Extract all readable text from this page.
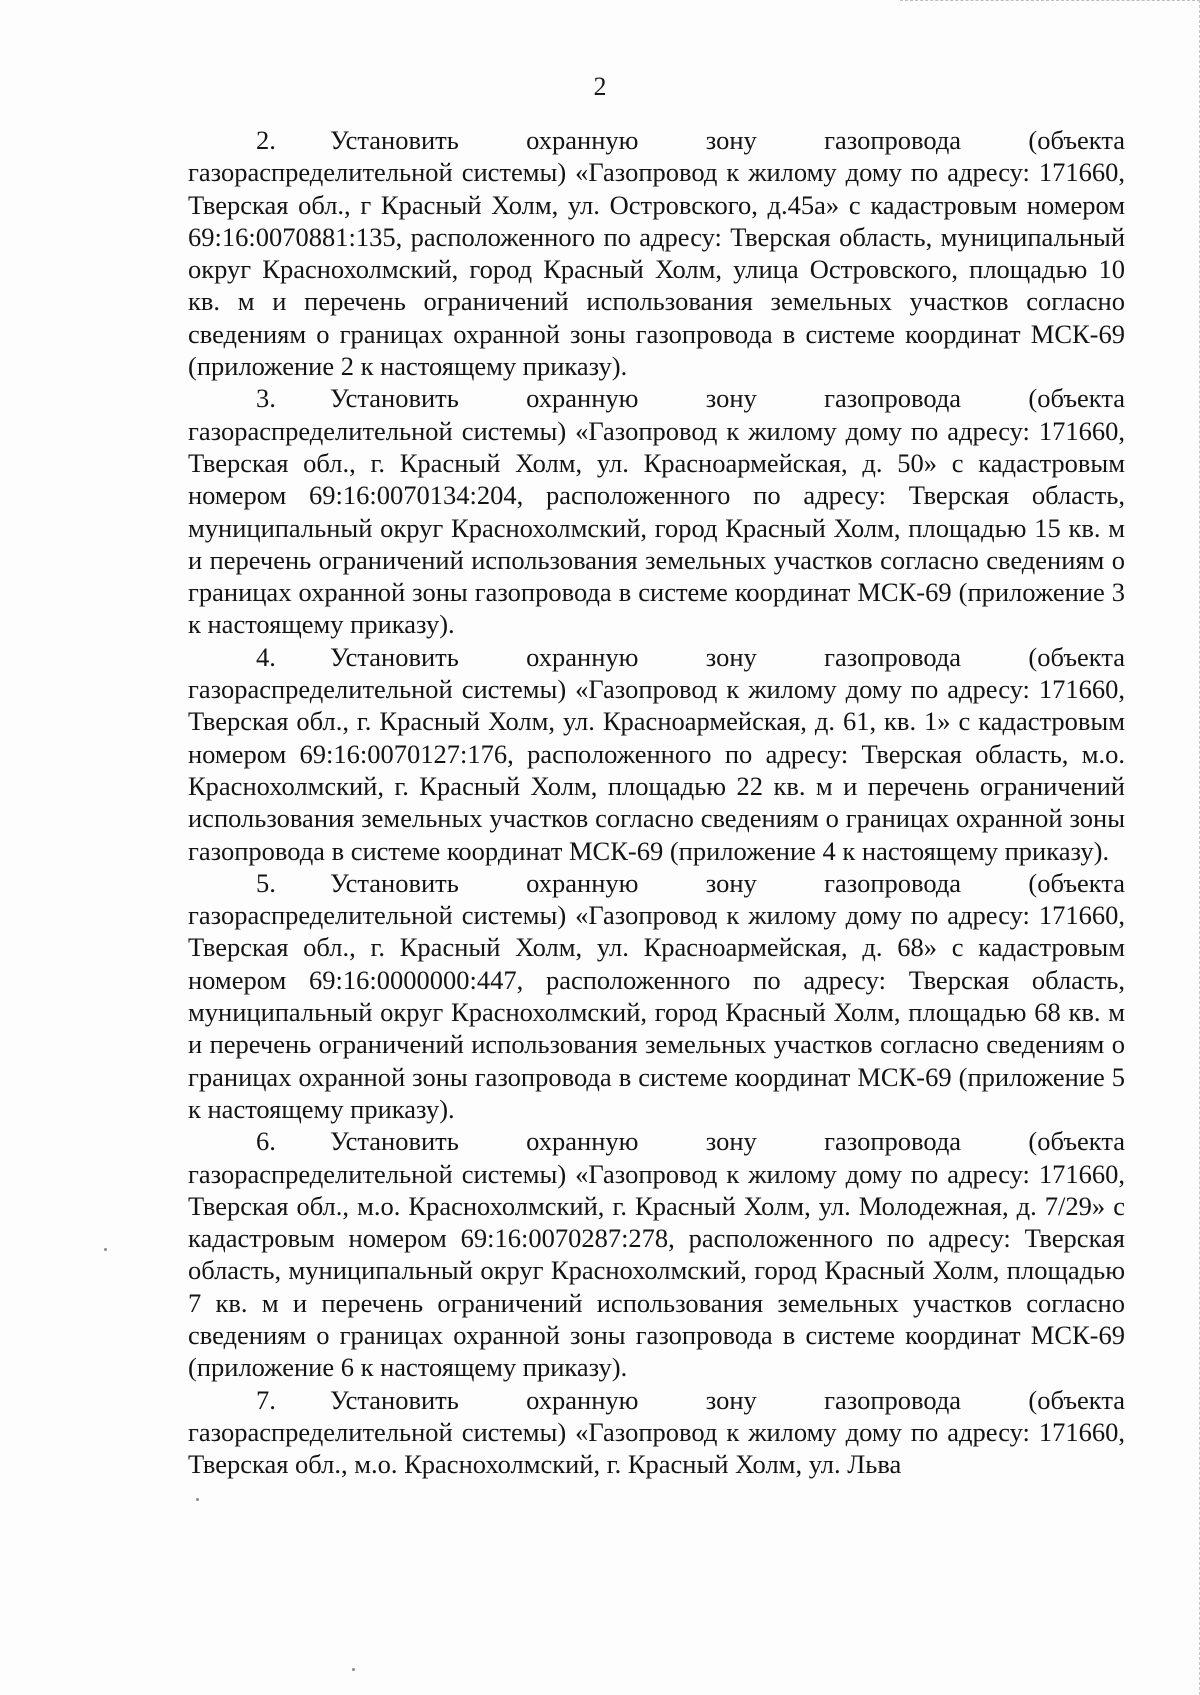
2

2. Установить охранную зону газопровода (объекта газораспределительной системы) «Газопровод к жилому дому по адресу: 171660, Тверская обл., г Красный Холм, ул. Островского, д.45а» с кадастровым номером 69:16:0070881:135, расположенного по адресу: Тверская область, муниципальный округ Краснохолмский, город Красный Холм, улица Островского, площадью 10 кв. м и перечень ограничений использования земельных участков согласно сведениям о границах охранной зоны газопровода в системе координат МСК-69 (приложение 2 к настоящему приказу).

3. Установить охранную зону газопровода (объекта газораспределительной системы) «Газопровод к жилому дому по адресу: 171660, Тверская обл., г. Красный Холм, ул. Красноармейская, д. 50» с кадастровым номером 69:16:0070134:204, расположенного по адресу: Тверская область, муниципальный округ Краснохолмский, город Красный Холм, площадью 15 кв. м и перечень ограничений использования земельных участков согласно сведениям о границах охранной зоны газопровода в системе координат МСК-69 (приложение 3 к настоящему приказу).

4. Установить охранную зону газопровода (объекта газораспределительной системы) «Газопровод к жилому дому по адресу: 171660, Тверская обл., г. Красный Холм, ул. Красноармейская, д. 61, кв. 1» с кадастровым номером 69:16:0070127:176, расположенного по адресу: Тверская область, м.о. Краснохолмский, г. Красный Холм, площадью 22 кв. м и перечень ограничений использования земельных участков согласно сведениям о границах охранной зоны газопровода в системе координат МСК-69 (приложение 4 к настоящему приказу).

5. Установить охранную зону газопровода (объекта газораспределительной системы) «Газопровод к жилому дому по адресу: 171660, Тверская обл., г. Красный Холм, ул. Красноармейская, д. 68» с кадастровым номером 69:16:0000000:447, расположенного по адресу: Тверская область, муниципальный округ Краснохолмский, город Красный Холм, площадью 68 кв. м и перечень ограничений использования земельных участков согласно сведениям о границах охранной зоны газопровода в системе координат МСК-69 (приложение 5 к настоящему приказу).

6. Установить охранную зону газопровода (объекта газораспределительной системы) «Газопровод к жилому дому по адресу: 171660, Тверская обл., м.о. Краснохолмский, г. Красный Холм, ул. Молодежная, д. 7/29» с кадастровым номером 69:16:0070287:278, расположенного по адресу: Тверская область, муниципальный округ Краснохолмский, город Красный Холм, площадью 7 кв. м и перечень ограничений использования земельных участков согласно сведениям о границах охранной зоны газопровода в системе координат МСК-69 (приложение 6 к настоящему приказу).

7. Установить охранную зону газопровода (объекта газораспределительной системы) «Газопровод к жилому дому по адресу: 171660, Тверская обл., м.о. Краснохолмский, г. Красный Холм, ул. Льва
